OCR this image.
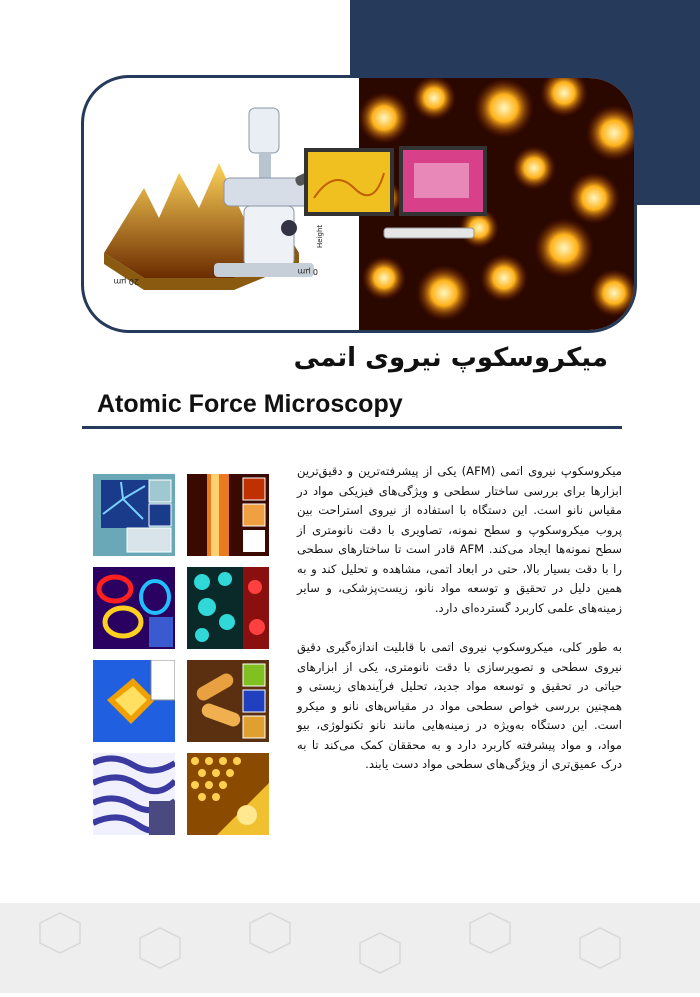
20 μm
0 μm
Height
میکروسکوپ نیروی اتمی
Atomic Force Microscopy

میکروسکوپ نیروی اتمی (AFM) یکی از پیشرفته‌ترین و دقیق‌ترین ابزارها برای بررسی ساختار سطحی و ویژگی‌های فیزیکی مواد در مقیاس نانو است. این دستگاه با استفاده از نیروی استراحت بین پروب میکروسکوپ و سطح نمونه، تصاویری با دقت نانومتری از سطح نمونه‌ها ایجاد می‌کند. AFM قادر است تا ساختارهای سطحی را با دقت بسیار بالا، حتی در ابعاد اتمی، مشاهده و تحلیل کند و به همین دلیل در تحقیق و توسعه مواد نانو، زیست‌پزشکی، و سایر زمینه‌های علمی کاربرد گسترده‌ای دارد.

به طور کلی، میکروسکوپ نیروی اتمی با قابلیت اندازه‌گیری دقیق نیروی سطحی و تصویرسازی با دقت نانومتری، یکی از ابزارهای حیاتی در تحقیق و توسعه مواد جدید، تحلیل فرآیندهای زیستی و همچنین بررسی خواص سطحی مواد در مقیاس‌های نانو و میکرو است. این دستگاه به‌ویژه در زمینه‌هایی مانند نانو تکنولوژی، بیو مواد، و مواد پیشرفته کاربرد دارد و به محققان کمک می‌کند تا به درک عمیق‌تری از ویژگی‌های سطحی مواد دست یابند.
